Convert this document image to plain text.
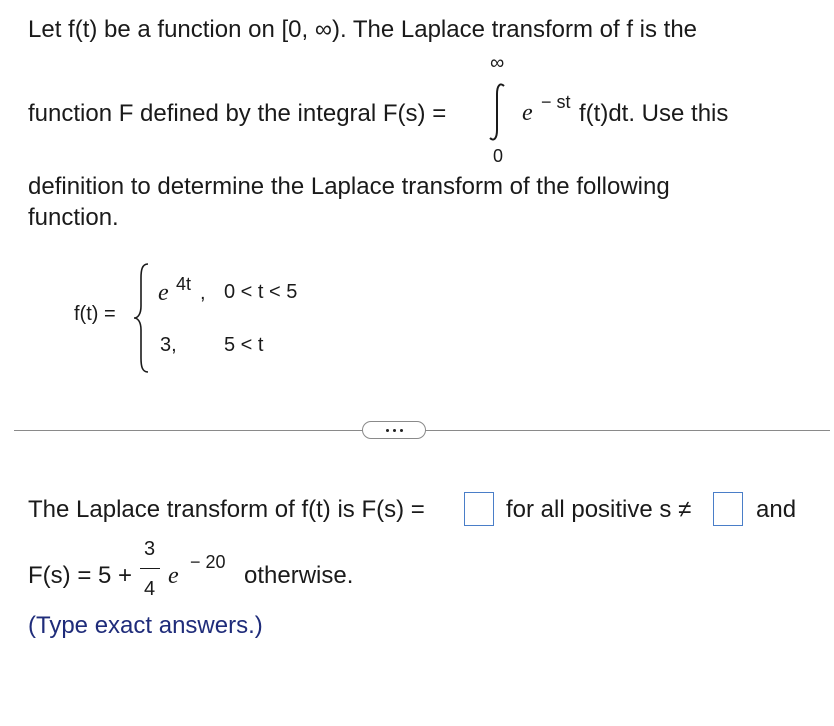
Let f(t) be a function on [0, ∞). The Laplace transform of f is the
function F defined by the integral F(s) =
∞
0
e − st f(t)dt. Use this
definition to determine the Laplace transform of the following
function.
f(t) =
e 4t , 0 < t < 5
3, 5 < t
The Laplace transform of f(t) is F(s) =	for all positive s ≠	and
F(s) = 5 +
3
4 e
− 20 otherwise.
(Type exact answers.)
